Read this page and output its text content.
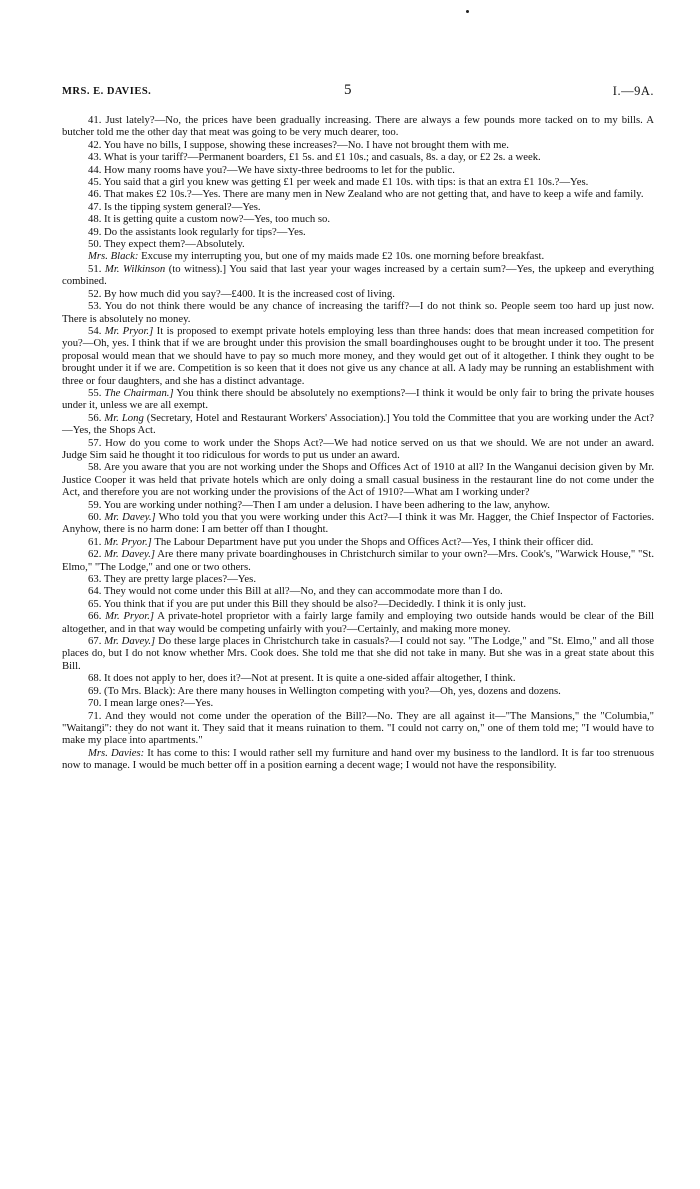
MRS. E. DAVIES.	5	I.—9A.

41. Just lately?—No, the prices have been gradually increasing. There are always a few pounds more tacked on to my bills. A butcher told me the other day that meat was going to be very much dearer, too.

42. You have no bills, I suppose, showing these increases?—No. I have not brought them with me.

43. What is your tariff?—Permanent boarders, £1 5s. and £1 10s.; and casuals, 8s. a day, or £2 2s. a week.

44. How many rooms have you?—We have sixty-three bedrooms to let for the public.

45. You said that a girl you knew was getting £1 per week and made £1 10s. with tips: is that an extra £1 10s.?—Yes.

46. That makes £2 10s.?—Yes. There are many men in New Zealand who are not getting that, and have to keep a wife and family.

47. Is the tipping system general?—Yes.

48. It is getting quite a custom now?—Yes, too much so.

49. Do the assistants look regularly for tips?—Yes.

50. They expect them?—Absolutely.

Mrs. Black: Excuse my interrupting you, but one of my maids made £2 10s. one morning before breakfast.

51. Mr. Wilkinson (to witness).] You said that last year your wages increased by a certain sum?—Yes, the upkeep and everything combined.

52. By how much did you say?—£400. It is the increased cost of living.

53. You do not think there would be any chance of increasing the tariff?—I do not think so. People seem too hard up just now. There is absolutely no money.

54. Mr. Pryor.] It is proposed to exempt private hotels employing less than three hands: does that mean increased competition for you?—Oh, yes. I think that if we are brought under this provision the small boardinghouses ought to be brought under it too. The present proposal would mean that we should have to pay so much more money, and they would get out of it altogether. I think they ought to be brought under it if we are. Competition is so keen that it does not give us any chance at all. A lady may be running an establishment with three or four daughters, and she has a distinct advantage.

55. The Chairman.] You think there should be absolutely no exemptions?—I think it would be only fair to bring the private houses under it, unless we are all exempt.

56. Mr. Long (Secretary, Hotel and Restaurant Workers' Association).] You told the Committee that you are working under the Act?—Yes, the Shops Act.

57. How do you come to work under the Shops Act?—We had notice served on us that we should. We are not under an award. Judge Sim said he thought it too ridiculous for words to put us under an award.

58. Are you aware that you are not working under the Shops and Offices Act of 1910 at all? In the Wanganui decision given by Mr. Justice Cooper it was held that private hotels which are only doing a small casual business in the restaurant line do not come under the Act, and therefore you are not working under the provisions of the Act of 1910?—What am I working under?

59. You are working under nothing?—Then I am under a delusion. I have been adhering to the law, anyhow.

60. Mr. Davey.] Who told you that you were working under this Act?—I think it was Mr. Hagger, the Chief Inspector of Factories. Anyhow, there is no harm done: I am better off than I thought.

61. Mr. Pryor.] The Labour Department have put you under the Shops and Offices Act?—Yes, I think their officer did.

62. Mr. Davey.] Are there many private boardinghouses in Christchurch similar to your own?—Mrs. Cook's, "Warwick House," "St. Elmo," "The Lodge," and one or two others.

63. They are pretty large places?—Yes.

64. They would not come under this Bill at all?—No, and they can accommodate more than I do.

65. You think that if you are put under this Bill they should be also?—Decidedly. I think it is only just.

66. Mr. Pryor.] A private-hotel proprietor with a fairly large family and employing two outside hands would be clear of the Bill altogether, and in that way would be competing unfairly with you?—Certainly, and making more money.

67. Mr. Davey.] Do these large places in Christchurch take in casuals?—I could not say. "The Lodge," and "St. Elmo," and all those places do, but I do not know whether Mrs. Cook does. She told me that she did not take in many. But she was in a great state about this Bill.

68. It does not apply to her, does it?—Not at present. It is quite a one-sided affair altogether, I think.

69. (To Mrs. Black): Are there many houses in Wellington competing with you?—Oh, yes, dozens and dozens.

70. I mean large ones?—Yes.

71. And they would not come under the operation of the Bill?—No. They are all against it—"The Mansions," the "Columbia," "Waitangi": they do not want it. They said that it means ruination to them. "I could not carry on," one of them told me; "I would have to make my place into apartments."

Mrs. Davies: It has come to this: I would rather sell my furniture and hand over my business to the landlord. It is far too strenuous now to manage. I would be much better off in a position earning a decent wage; I would not have the responsibility.
